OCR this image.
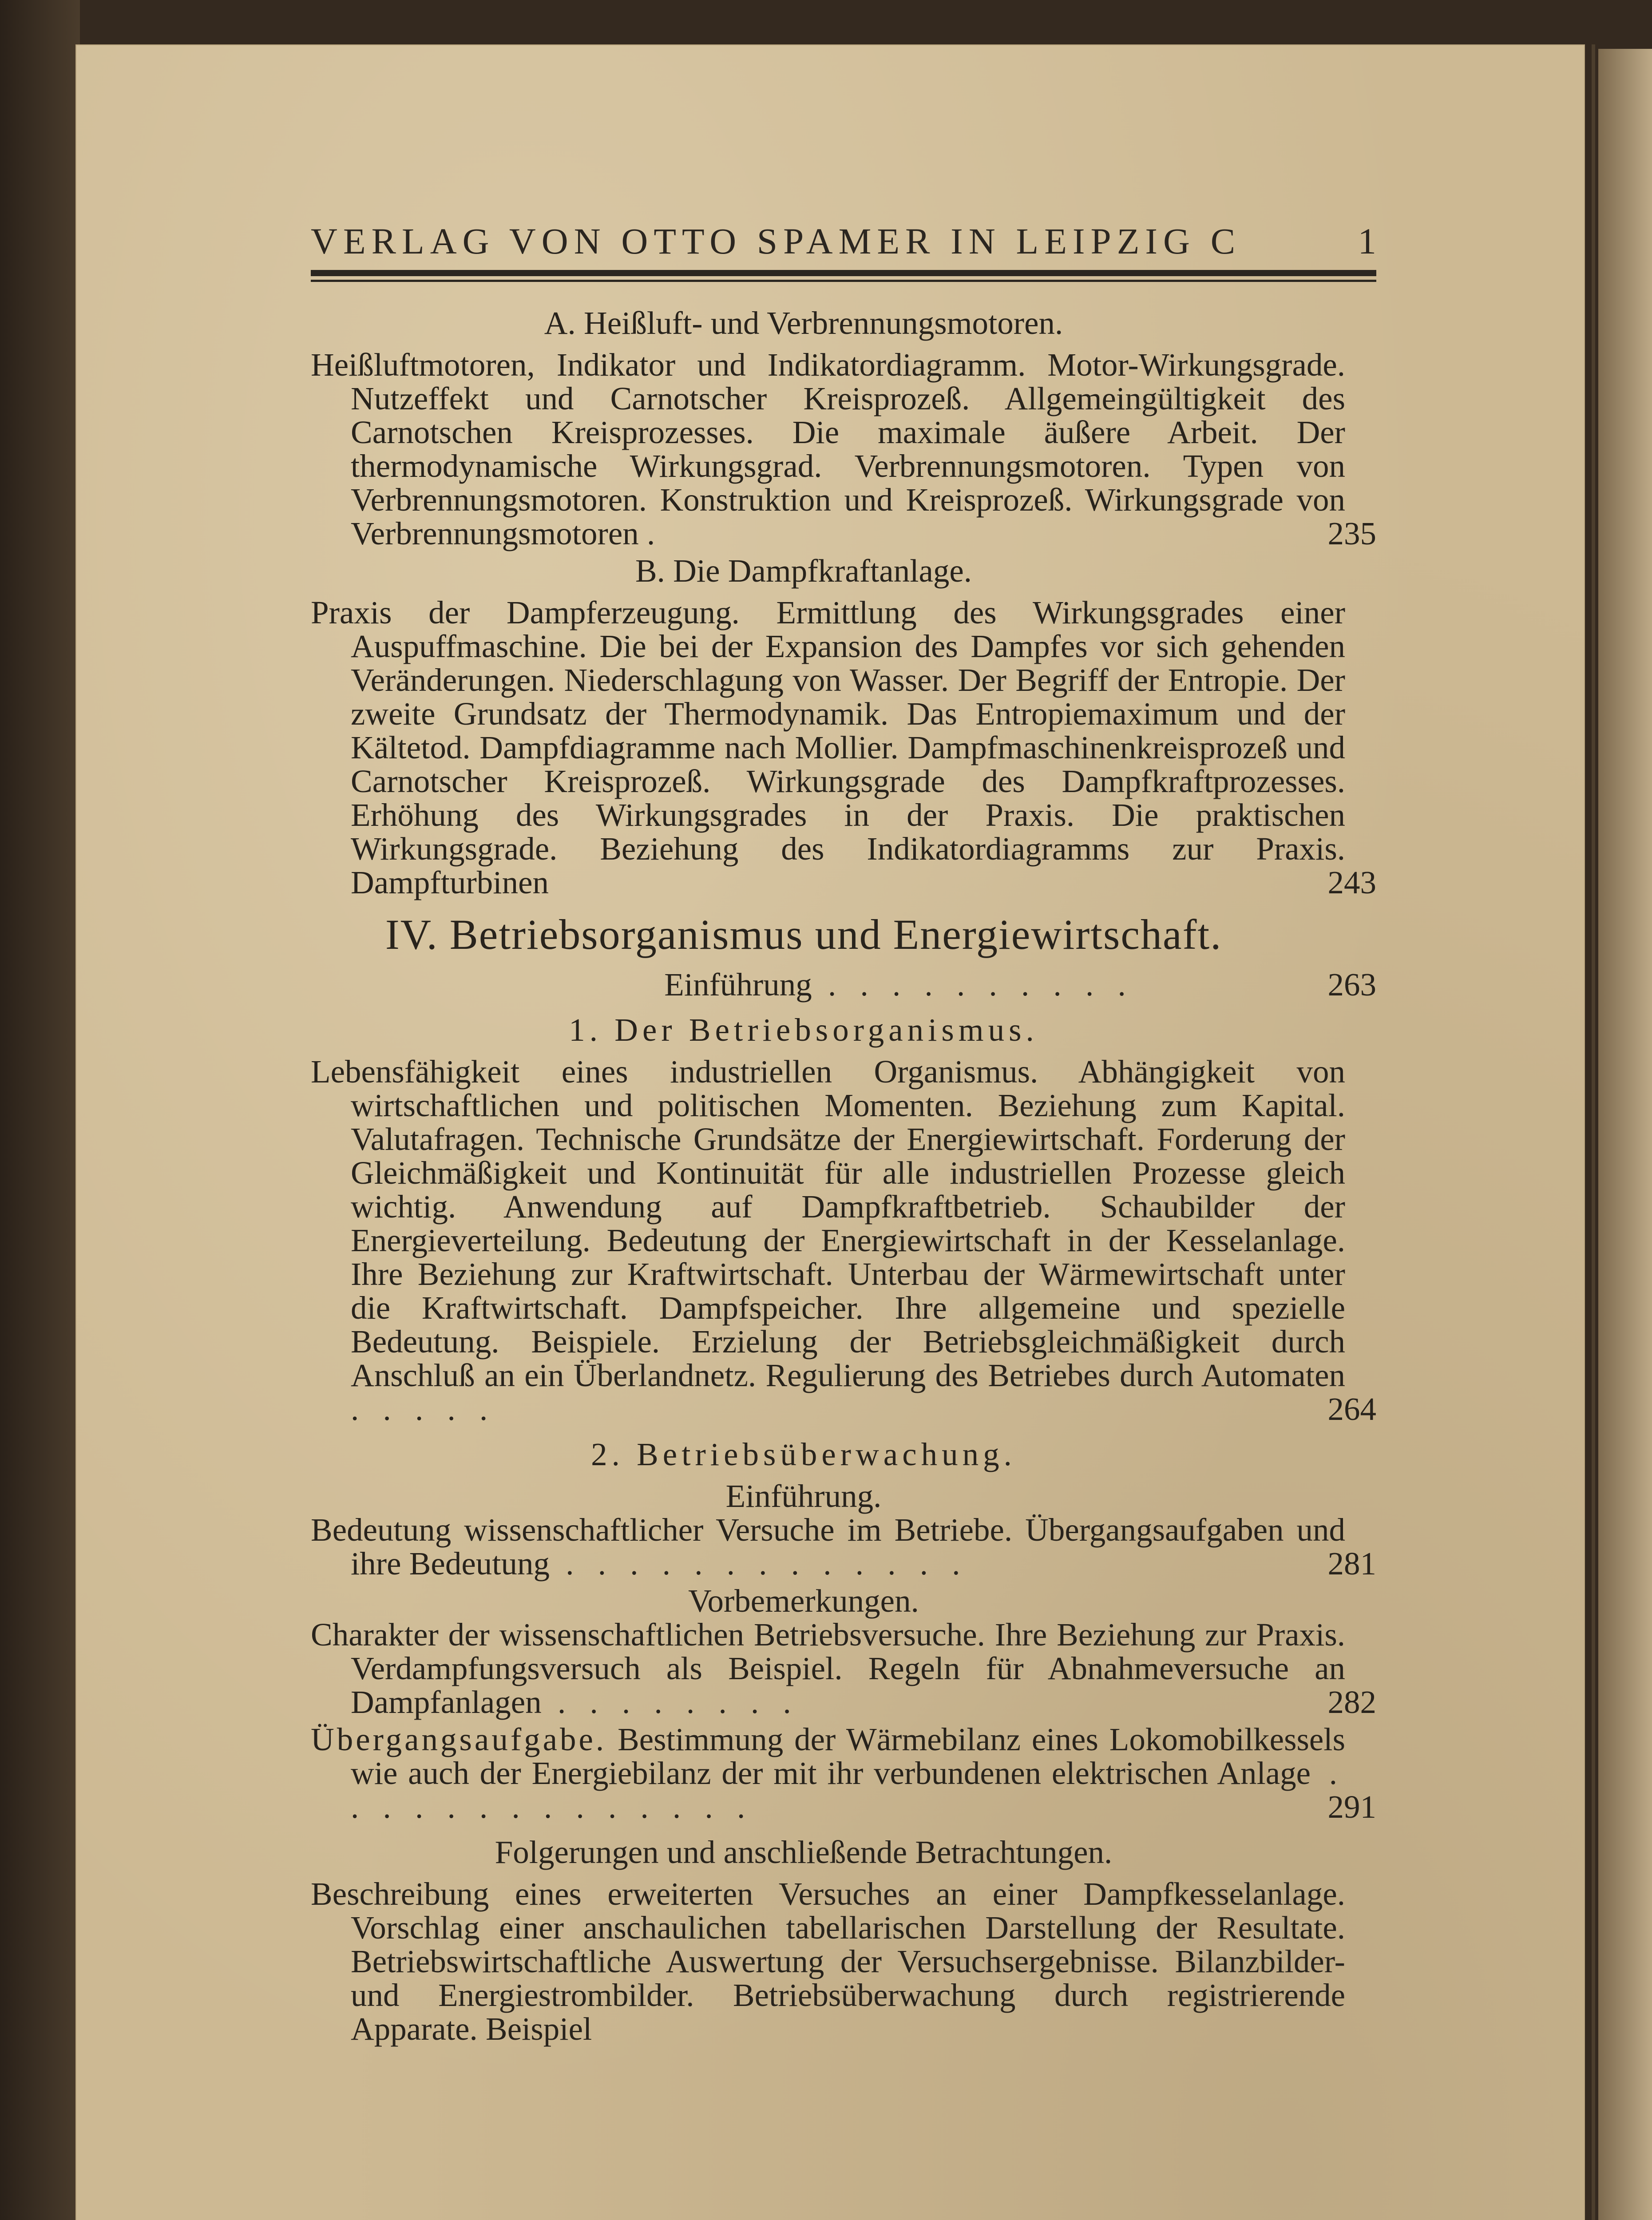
VERLAG VON OTTO SPAMER IN LEIPZIG C	1
A. Heißluft- und Verbrennungsmotoren.
Heißluftmotoren, Indikator und Indikatordiagramm. Motor-Wirkungsgrade. Nutzeffekt und Carnotscher Kreisprozeß. Allgemeingültigkeit des Carnotschen Kreisprozesses. Die maximale äußere Arbeit. Der thermodynamische Wirkungsgrad. Verbrennungsmotoren. Typen von Verbrennungsmotoren. Konstruktion und Kreisprozeß. Wirkungsgrade von Verbrennungsmotoren .	235
B. Die Dampfkraftanlage.
Praxis der Dampferzeugung. Ermittlung des Wirkungsgrades einer Auspuffmaschine. Die bei der Expansion des Dampfes vor sich gehenden Veränderungen. Niederschlagung von Wasser. Der Begriff der Entropie. Der zweite Grundsatz der Thermodynamik. Das Entropiemaximum und der Kältetod. Dampfdiagramme nach Mollier. Dampfmaschinenkreisprozeß und Carnotscher Kreisprozeß. Wirkungsgrade des Dampfkraftprozesses. Erhöhung des Wirkungsgrades in der Praxis. Die praktischen Wirkungsgrade. Beziehung des Indikatordiagramms zur Praxis. Dampfturbinen	243
IV. Betriebsorganismus und Energiewirtschaft.
Einführung . . . . . . . . . .	263
1. Der Betriebsorganismus.
Lebensfähigkeit eines industriellen Organismus. Abhängigkeit von wirtschaftlichen und politischen Momenten. Beziehung zum Kapital. Valutafragen. Technische Grundsätze der Energiewirtschaft. Forderung der Gleichmäßigkeit und Kontinuität für alle industriellen Prozesse gleich wichtig. Anwendung auf Dampfkraftbetrieb. Schaubilder der Energieverteilung. Bedeutung der Energiewirtschaft in der Kesselanlage. Ihre Beziehung zur Kraftwirtschaft. Unterbau der Wärmewirtschaft unter die Kraftwirtschaft. Dampfspeicher. Ihre allgemeine und spezielle Bedeutung. Beispiele. Erzielung der Betriebsgleichmäßigkeit durch Anschluß an ein Überlandnetz. Regulierung des Betriebes durch Automaten . . . . .	264
2. Betriebsüberwachung.
Einführung.
Bedeutung wissenschaftlicher Versuche im Betriebe. Übergangsaufgaben und ihre Bedeutung . . . . . . . . . . . . .	281
Vorbemerkungen.
Charakter der wissenschaftlichen Betriebsversuche. Ihre Beziehung zur Praxis. Verdampfungsversuch als Beispiel. Regeln für Abnahmeversuche an Dampfanlagen . . . . . . . .	282
Übergangsaufgabe. Bestimmung der Wärmebilanz eines Lokomobilkessels wie auch der Energiebilanz der mit ihr verbundenen elektrischen Anlage . . . . . . . . . . . . . .	291
Folgerungen und anschließende Betrachtungen.
Beschreibung eines erweiterten Versuches an einer Dampfkesselanlage. Vorschlag einer anschaulichen tabellarischen Darstellung der Resultate. Betriebswirtschaftliche Auswertung der Versuchsergebnisse. Bilanzbilder- und Energiestrombilder. Betriebsüberwachung durch registrierende Apparate. Beispiel
